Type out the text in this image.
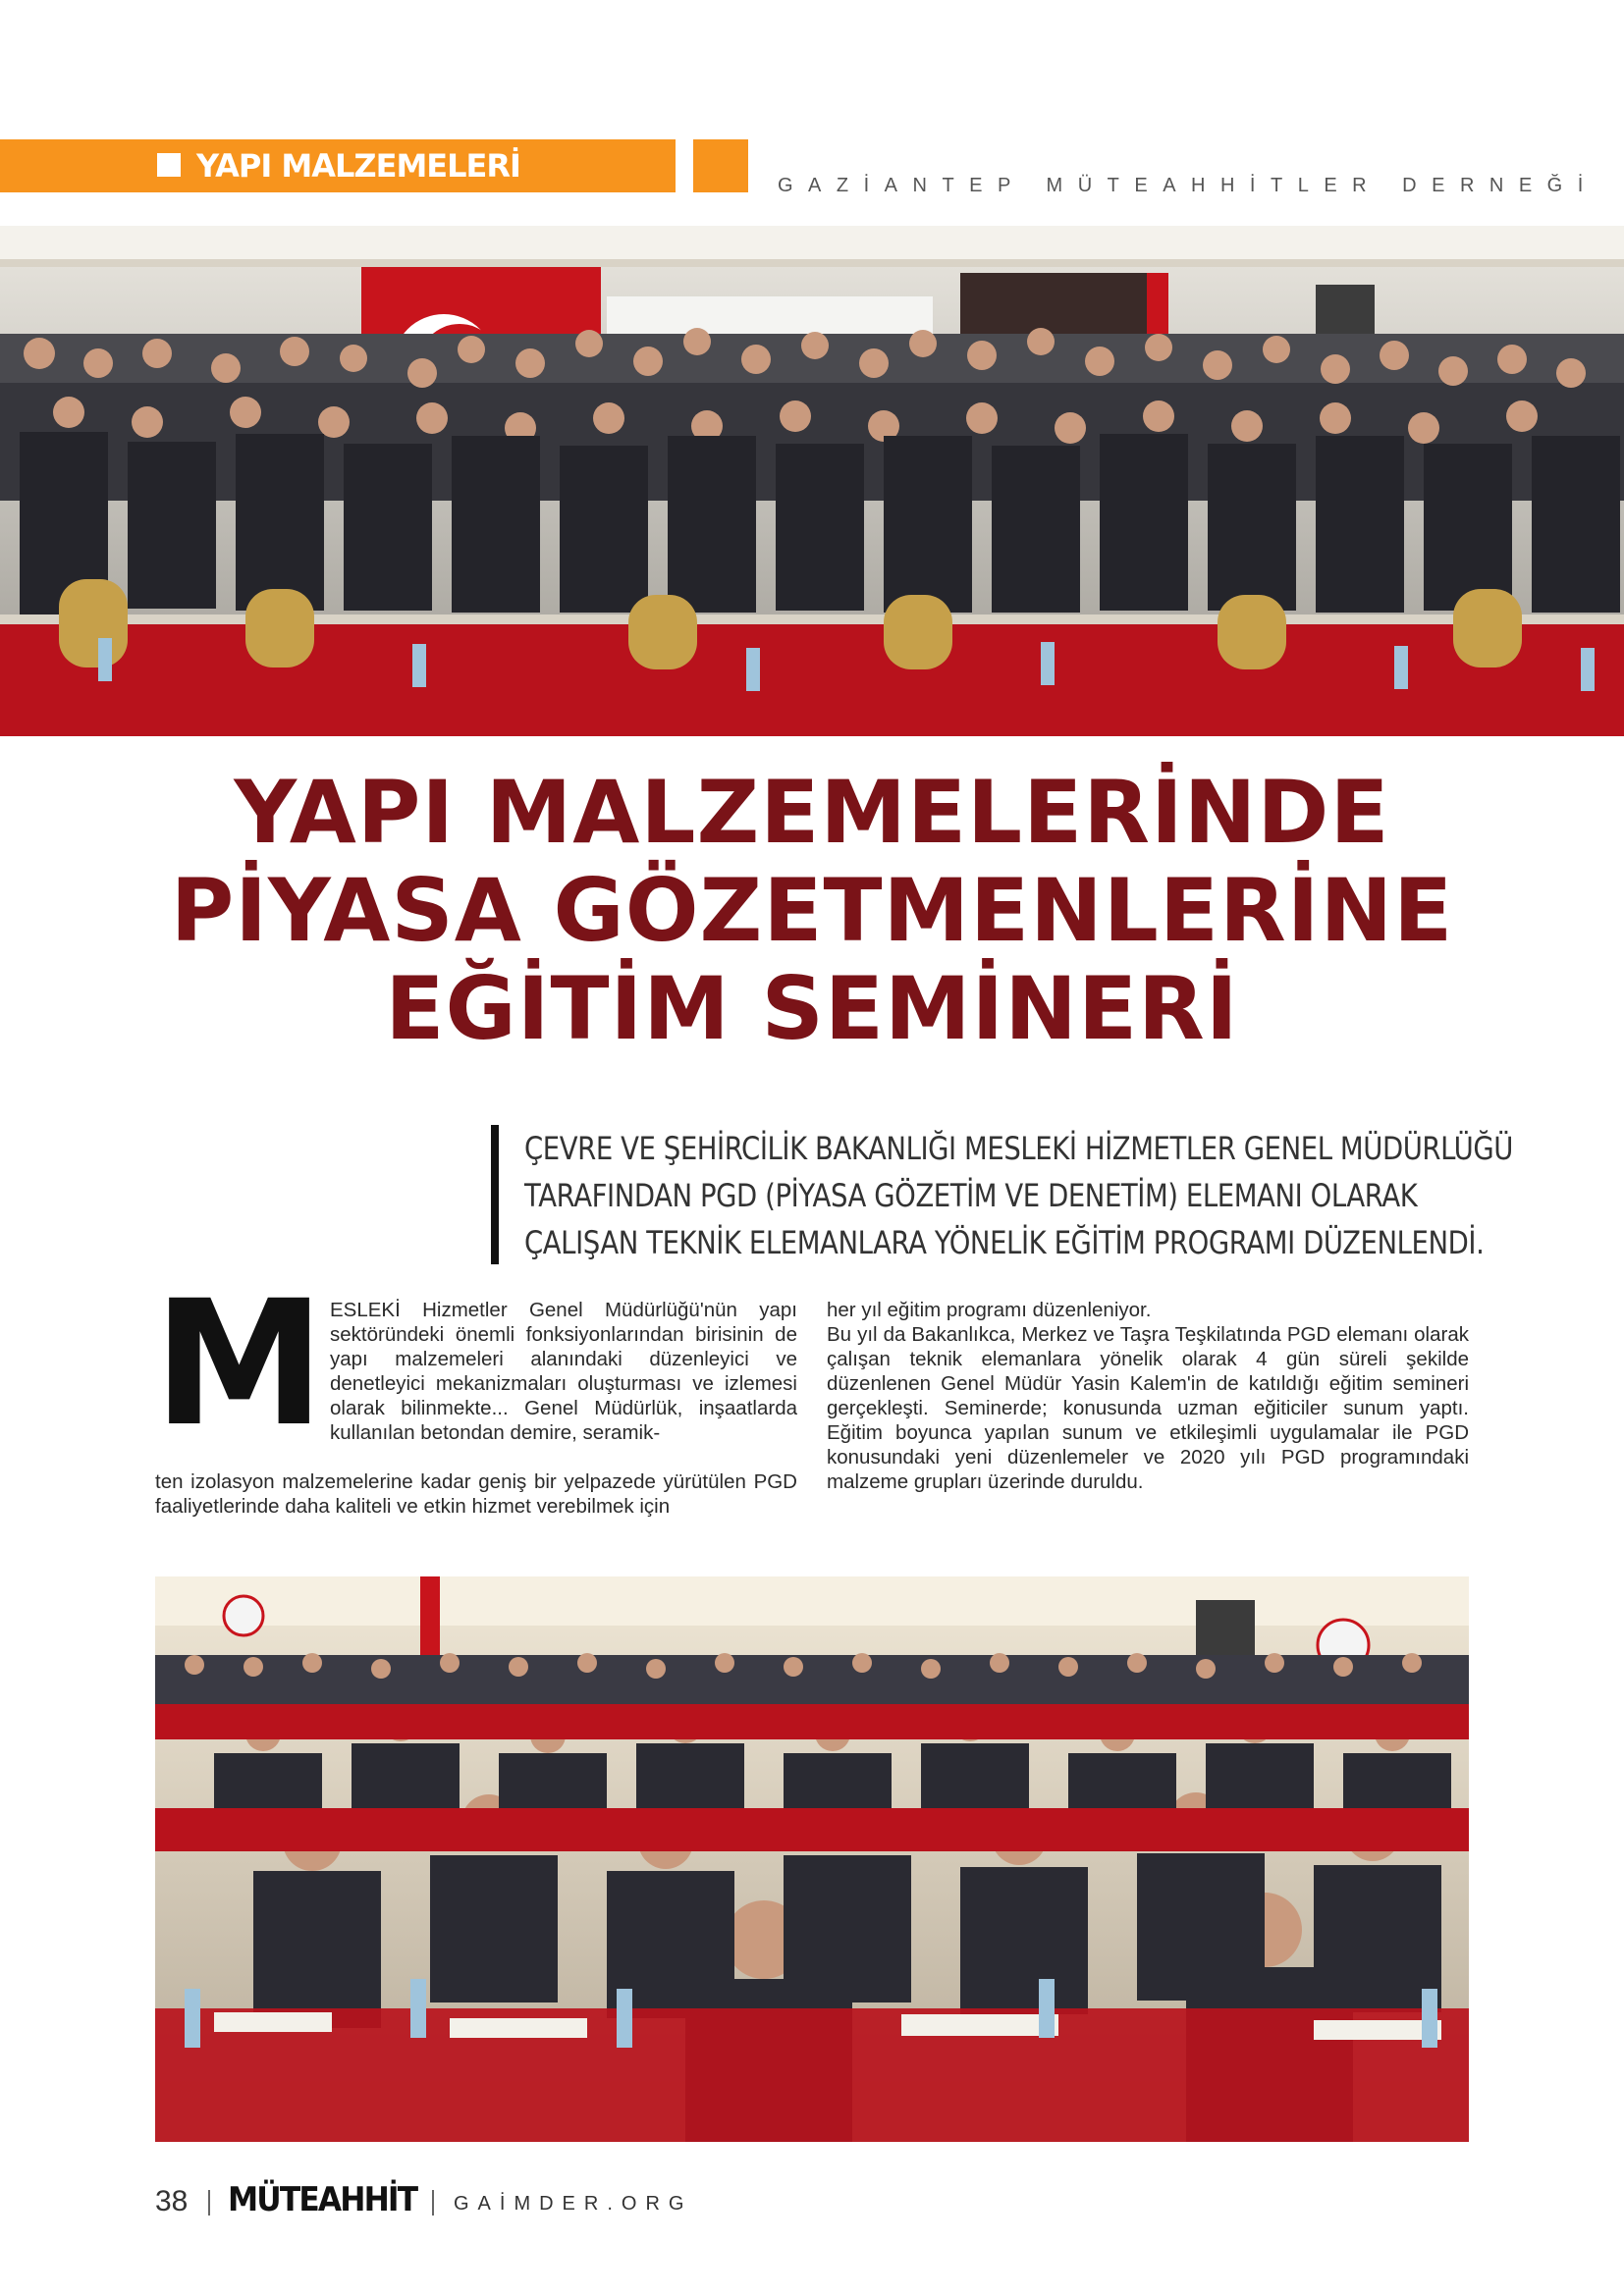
YAPI MALZEMELERİ
GAZİANTEP MÜTEAHHİTLER DERNEĞİ
YAPI MALZEMELERİNDE
PİYASA GÖZETMENLERİNE
EĞİTİM SEMİNERİ
ÇEVRE VE ŞEHİRCİLİK BAKANLIĞI MESLEKİ HİZMETLER GENEL MÜDÜRLÜĞÜ
TARAFINDAN PGD (PİYASA GÖZETİM VE DENETİM) ELEMANI OLARAK
ÇALIŞAN TEKNİK ELEMANLARA YÖNELİK EĞİTİM PROGRAMI DÜZENLENDİ.
M ESLEKİ Hizmetler Genel Müdürlüğü'nün yapı sektöründeki önemli fonksiyonlarından birisinin de yapı malzemeleri alanındaki düzenleyici ve denetleyici mekanizmaları oluşturması ve izlemesi olarak bilinmekte... Genel Müdürlük, inşaatlarda kullanılan betondan demire, seramik-

ten izolasyon malzemelerine kadar geniş bir yelpazede yürütülen PGD faaliyetlerinde daha kaliteli ve etkin hizmet verebilmek için

her yıl eğitim programı düzenleniyor.

Bu yıl da Bakanlıkca, Merkez ve Taşra Teşkilatında PGD elemanı olarak çalışan teknik elemanlara yönelik olarak 4 gün süreli şekilde düzenlenen Genel Müdür Yasin Kalem'in de katıldığı eğitim semineri gerçekleşti. Seminerde; konusunda uzman eğiticiler sunum yaptı. Eğitim boyunca yapılan sunum ve etkileşimli uygulamalar ile PGD konusundaki yeni düzenlemeler ve 2020 yılı PGD programındaki malzeme grupları üzerinde duruldu.

38 MÜTEAHHİT GAİMDER.ORG
